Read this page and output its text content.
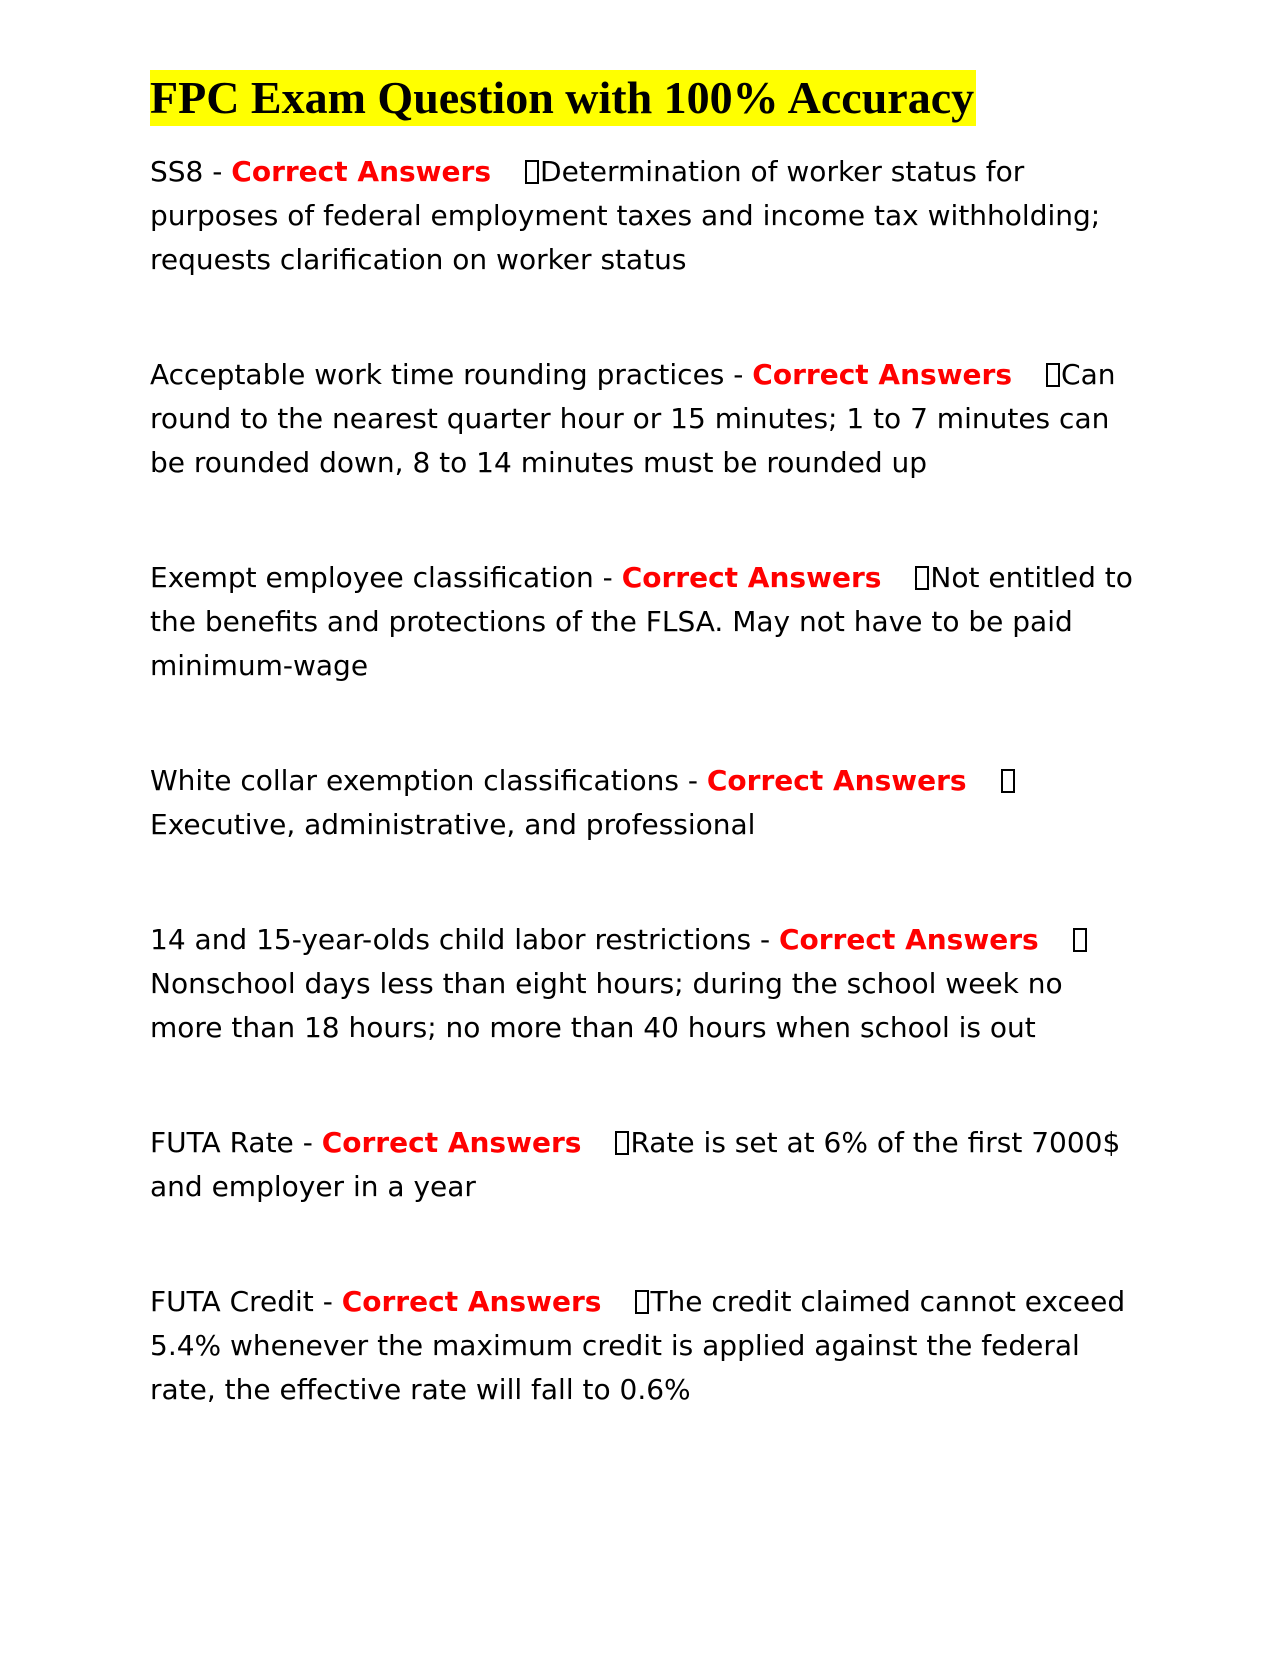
FPC Exam Question with 100% Accuracy

SS8 - Correct Answers Determination of worker status for purposes of federal employment taxes and income tax withholding; requests clarification on worker status

Acceptable work time rounding practices - Correct Answers Can round to the nearest quarter hour or 15 minutes; 1 to 7 minutes can be rounded down, 8 to 14 minutes must be rounded up

Exempt employee classification - Correct Answers Not entitled to the benefits and protections of the FLSA. May not have to be paid minimum-wage

White collar exemption classifications - Correct AnswersExecutive, administrative, and professional

14 and 15-year-olds child labor restrictions - Correct AnswersNonschool days less than eight hours; during the school week no more than 18 hours; no more than 40 hours when school is out

FUTA Rate - Correct Answers Rate is set at 6% of the first 7000$ and employer in a year

FUTA Credit - Correct Answers The credit claimed cannot exceed 5.4% whenever the maximum credit is applied against the federal rate, the effective rate will fall to 0.6%
